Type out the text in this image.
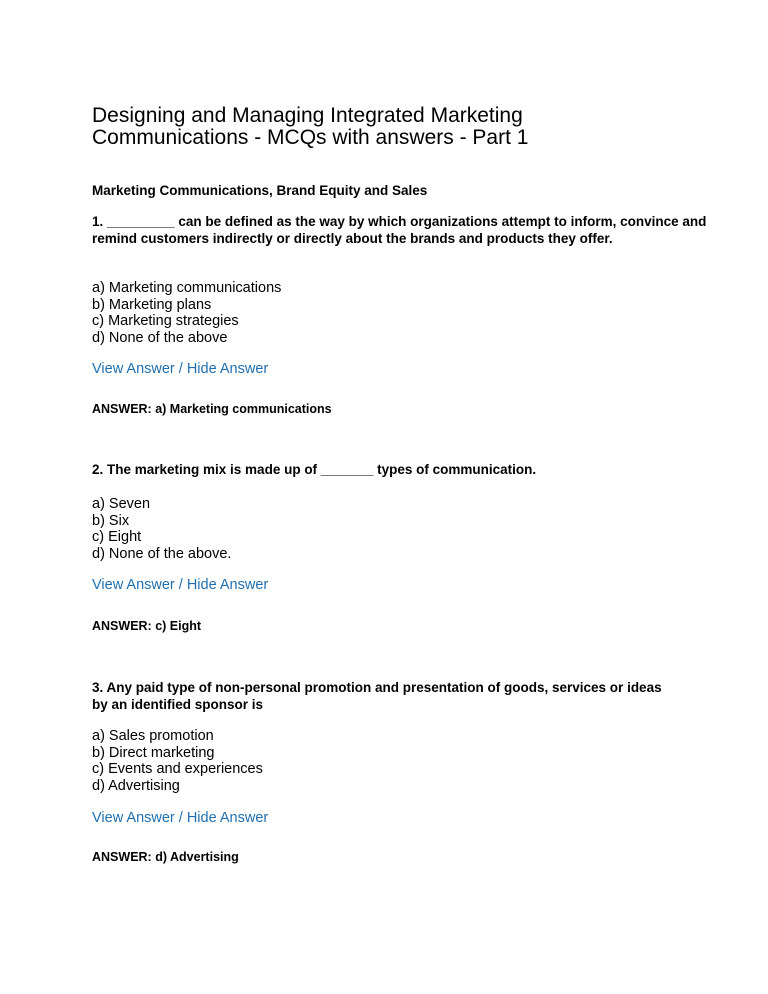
Designing and Managing Integrated Marketing Communications - MCQs with answers - Part 1
Marketing Communications, Brand Equity and Sales
1. _________ can be defined as the way by which organizations attempt to inform, convince and remind customers indirectly or directly about the brands and products they offer.
a) Marketing communications
b) Marketing plans
c) Marketing strategies
d) None of the above
View Answer / Hide Answer
ANSWER: a) Marketing communications
2. The marketing mix is made up of _______ types of communication.
a) Seven
b) Six
c) Eight
d) None of the above.
View Answer / Hide Answer
ANSWER: c) Eight
3. Any paid type of non-personal promotion and presentation of goods, services or ideas by an identified sponsor is
a) Sales promotion
b) Direct marketing
c) Events and experiences
d) Advertising
View Answer / Hide Answer
ANSWER: d) Advertising
